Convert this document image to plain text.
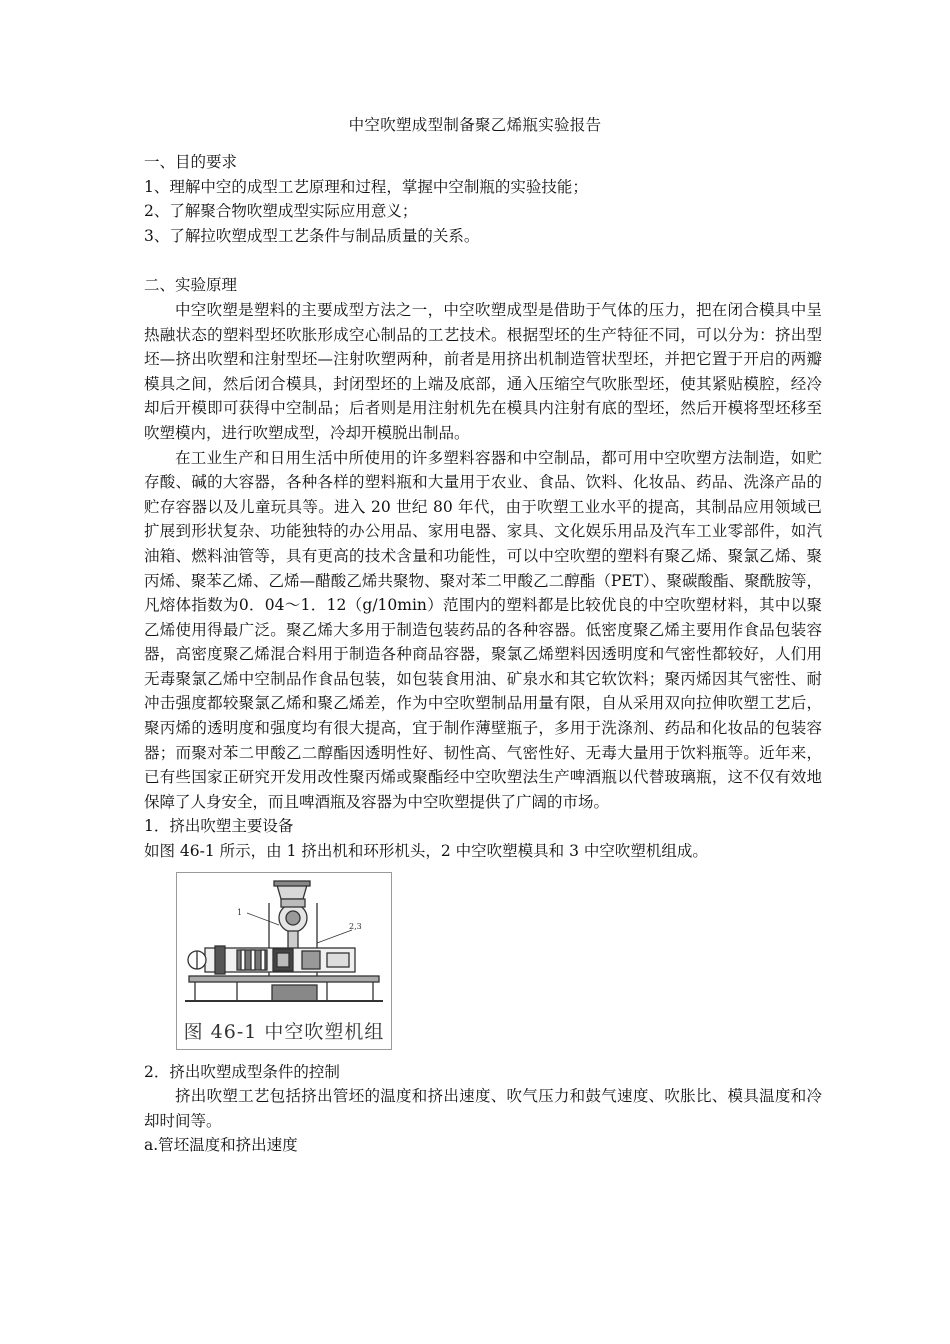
中空吹塑成型制备聚乙烯瓶实验报告

一、目的要求

1、理解中空的成型工艺原理和过程，掌握中空制瓶的实验技能；

2、了解聚合物吹塑成型实际应用意义；

3、了解拉吹塑成型工艺条件与制品质量的关系。

二、实验原理

中空吹塑是塑料的主要成型方法之一，中空吹塑成型是借助于气体的压力，把在闭合模具中呈热融状态的塑料型坯吹胀形成空心制品的工艺技术。根据型坯的生产特征不同，可以分为：挤出型坯—挤出吹塑和注射型坯—注射吹塑两种，前者是用挤出机制造管状型坯，并把它置于开启的两瓣模具之间，然后闭合模具，封闭型坯的上端及底部，通入压缩空气吹胀型坯，使其紧贴模腔，经冷却后开模即可获得中空制品；后者则是用注射机先在模具内注射有底的型坯，然后开模将型坯移至吹塑模内，进行吹塑成型，冷却开模脱出制品。

在工业生产和日用生活中所使用的许多塑料容器和中空制品，都可用中空吹塑方法制造，如贮存酸、碱的大容器，各种各样的塑料瓶和大量用于农业、食品、饮料、化妆品、药品、洗涤产品的贮存容器以及儿童玩具等。进入 20 世纪 80 年代，由于吹塑工业水平的提高，其制品应用领域已扩展到形状复杂、功能独特的办公用品、家用电器、家具、文化娱乐用品及汽车工业零部件，如汽油箱、燃料油管等，具有更高的技术含量和功能性，可以中空吹塑的塑料有聚乙烯、聚氯乙烯、聚丙烯、聚苯乙烯、乙烯—醋酸乙烯共聚物、聚对苯二甲酸乙二醇酯（PET）、聚碳酸酯、聚酰胺等，凡熔体指数为0．04～1．12（g/10min）范围内的塑料都是比较优良的中空吹塑材料，其中以聚乙烯使用得最广泛。聚乙烯大多用于制造包装药品的各种容器。低密度聚乙烯主要用作食品包装容器，高密度聚乙烯混合料用于制造各种商品容器，聚氯乙烯塑料因透明度和气密性都较好，人们用无毒聚氯乙烯中空制品作食品包装，如包装食用油、矿泉水和其它软饮料；聚丙烯因其气密性、耐冲击强度都较聚氯乙烯和聚乙烯差，作为中空吹塑制品用量有限，自从采用双向拉伸吹塑工艺后，聚丙烯的透明度和强度均有很大提高，宜于制作薄壁瓶子，多用于洗涤剂、药品和化妆品的包装容器；而聚对苯二甲酸乙二醇酯因透明性好、韧性高、气密性好、无毒大量用于饮料瓶等。近年来，已有些国家正研究开发用改性聚丙烯或聚酯经中空吹塑法生产啤酒瓶以代替玻璃瓶，这不仅有效地保障了人身安全，而且啤酒瓶及容器为中空吹塑提供了广阔的市场。

1．挤出吹塑主要设备

如图 46-1 所示，由 1 挤出机和环形机头，2 中空吹塑模具和 3 中空吹塑机组成。

1
2,3
图 46-1 中空吹塑机组

2．挤出吹塑成型条件的控制

挤出吹塑工艺包括挤出管坯的温度和挤出速度、吹气压力和鼓气速度、吹胀比、模具温度和冷却时间等。

a.管坯温度和挤出速度
